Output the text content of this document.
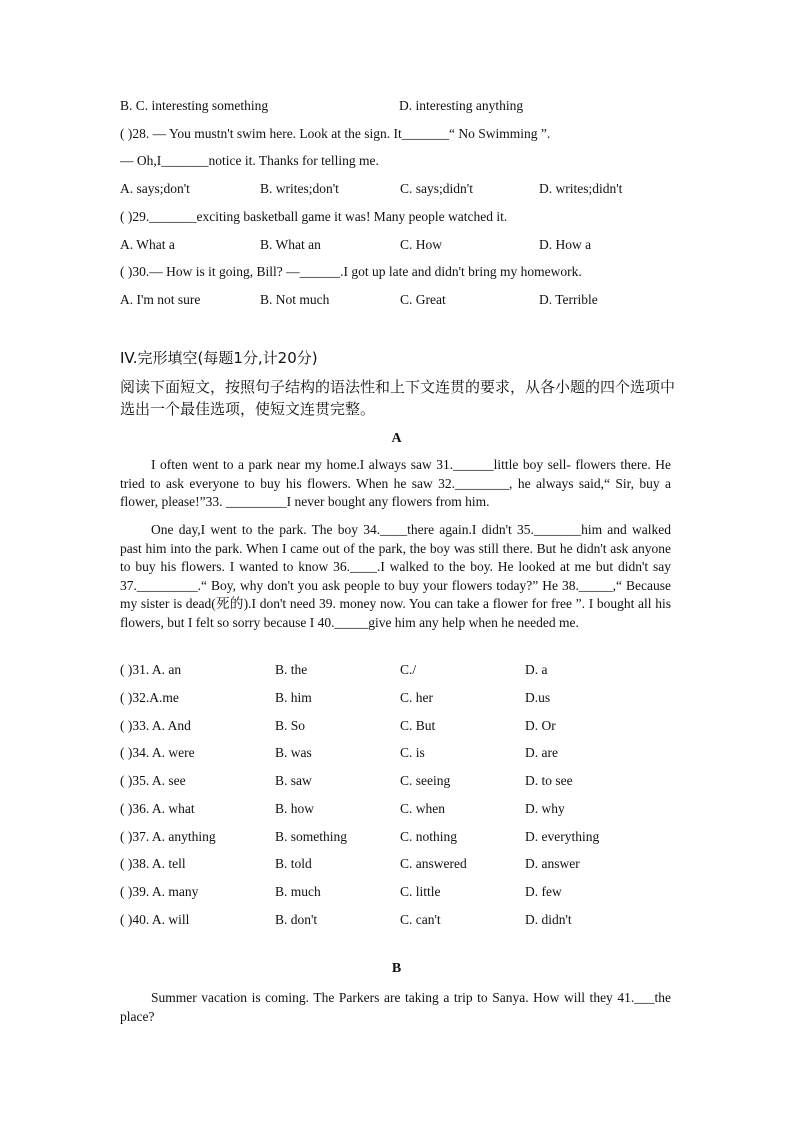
B. C. interesting something	D. interesting anything
( )28. — You mustn't swim here. Look at the sign. It_______“ No Swimming ”.
— Oh,I_______notice it. Thanks for telling me.
A. says;don't	B. writes;don't	C. says;didn't	D. writes;didn't
( )29._______exciting basketball game it was! Many people watched it.
A. What a	B. What an	C. How	D. How a
( )30.— How is it going, Bill? —______.I got up late and didn't bring my homework.
A. I'm not sure	B. Not much	C. Great	D. Terrible
IV.完形填空(每题1分,计20分)
阅读下面短文，按照句子结构的语法性和上下文连贯的要求，从各小题的四个选项中选出一个最佳选项，使短文连贯完整。
A
I often went to a park near my home.I always saw 31.______little boy sell- flowers there. He tried to ask everyone to buy his flowers. When he saw 32.________, he always said,“ Sir, buy a flower, please!”33. _________I never bought any flowers from him.
One day,I went to the park. The boy 34.____there again.I didn't 35._______him and walked past him into the park. When I came out of the park, the boy was still there. But he didn't ask anyone to buy his flowers. I wanted to know 36.____.I walked to the boy. He looked at me but didn't say 37._________.“ Boy, why don't you ask people to buy your flowers today?” He 38._____,“ Because my sister is dead(死的).I don't need 39. money now. You can take a flower for free ”. I bought all his flowers, but I felt so sorry because I 40._____give him any help when he needed me.
( )31. A. an	B. the	C./	D. a
( )32.A.me	B. him	C. her	D.us
( )33. A. And	B. So	C. But	D. Or
( )34. A. were	B. was	C. is	D. are
( )35. A. see	B. saw	C. seeing	D. to see
( )36. A. what	B. how	C. when	D. why
( )37. A. anything	B. something	C. nothing	D. everything
( )38. A. tell	B. told	C. answered	D. answer
( )39. A. many	B. much	C. little	D. few
( )40. A. will	B. don't	C. can't	D. didn't
B
Summer vacation is coming. The Parkers are taking a trip to Sanya. How will they 41.___the place?
